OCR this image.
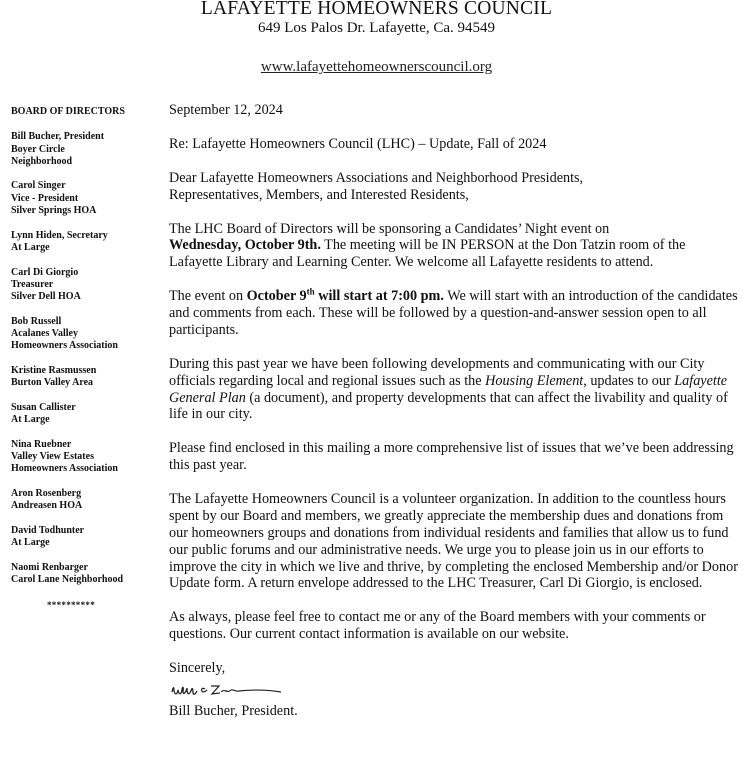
LAFAYETTE HOMEOWNERS COUNCIL
649 Los Palos Dr. Lafayette, Ca. 94549
www.lafayettehomeownerscouncil.org
BOARD OF DIRECTORS
Bill Bucher, President
Boyer Circle
Neighborhood
Carol Singer
Vice - President
Silver Springs HOA
Lynn Hiden, Secretary
At Large
Carl Di Giorgio
Treasurer
Silver Dell HOA
Bob Russell
Acalanes Valley
Homeowners Association
Kristine Rasmussen
Burton Valley Area
Susan Callister
At Large
Nina Ruebner
Valley View Estates
Homeowners Association
Aron Rosenberg
Andreasen HOA
David Todhunter
At Large
Naomi Renbarger
Carol Lane Neighborhood
**********

September 12, 2024

Re: Lafayette Homeowners Council (LHC) – Update, Fall of 2024

Dear Lafayette Homeowners Associations and Neighborhood Presidents,
Representatives, Members, and Interested Residents,

The LHC Board of Directors will be sponsoring a Candidates’ Night event on
Wednesday, October 9th. The meeting will be IN PERSON at the Don Tatzin room of the Lafayette Library and Learning Center. We welcome all Lafayette residents to attend.

The event on October 9th will start at 7:00 pm. We will start with an introduction of the candidates and comments from each. These will be followed by a question-and-answer session open to all participants.

During this past year we have been following developments and communicating with our City officials regarding local and regional issues such as the Housing Element, updates to our Lafayette General Plan (a document), and property developments that can affect the livability and quality of life in our city.

Please find enclosed in this mailing a more comprehensive list of issues that we’ve been addressing this past year.

The Lafayette Homeowners Council is a volunteer organization. In addition to the countless hours spent by our Board and members, we greatly appreciate the membership dues and donations from our homeowners groups and donations from individual residents and families that allow us to fund our public forums and our administrative needs. We urge you to please join us in our efforts to improve the city in which we live and thrive, by completing the enclosed Membership and/or Donor Update form. A return envelope addressed to the LHC Treasurer, Carl Di Giorgio, is enclosed.

As always, please feel free to contact me or any of the Board members with your comments or questions. Our current contact information is available on our website.

Sincerely,

Bill Bucher, President.
